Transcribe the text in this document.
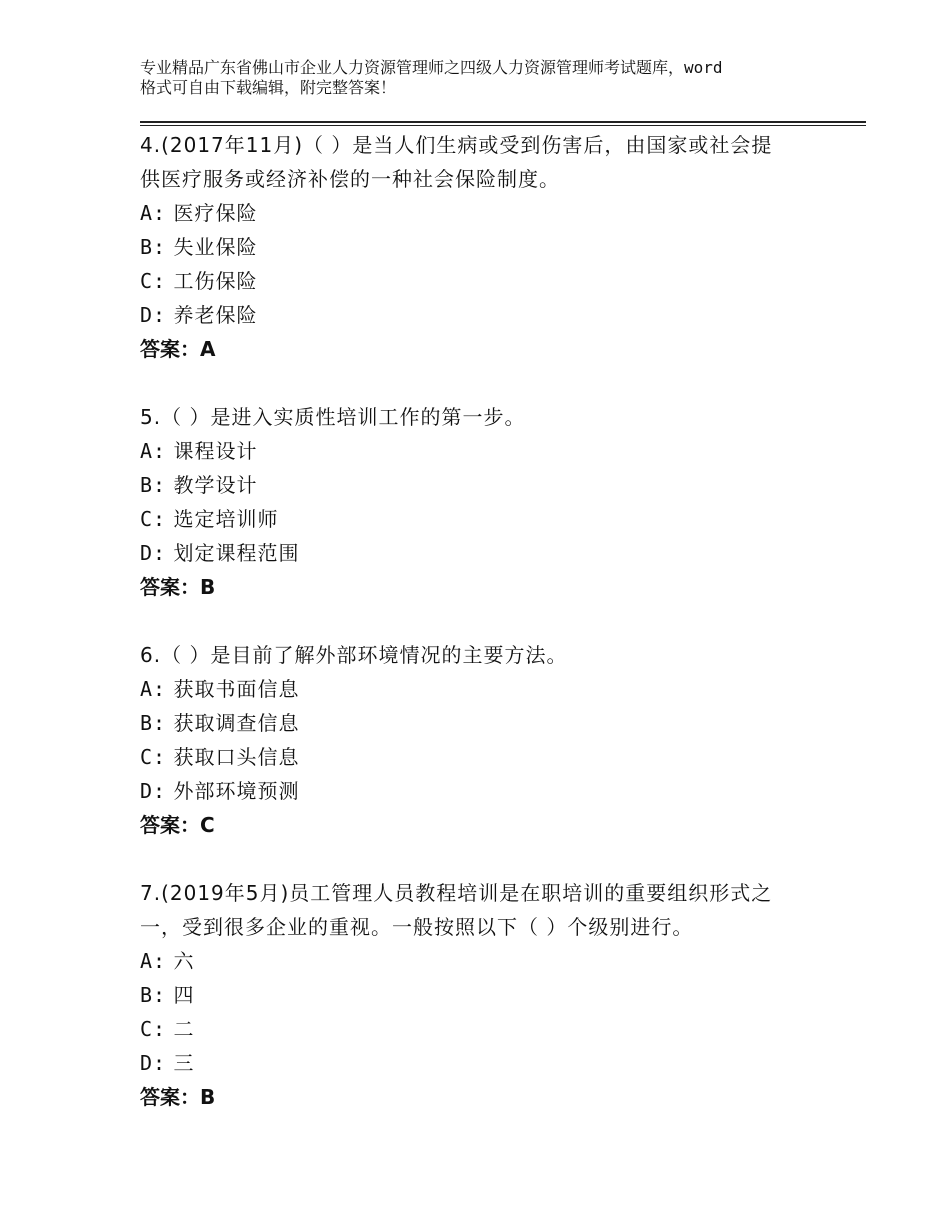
专业精品广东省佛山市企业人力资源管理师之四级人力资源管理师考试题库，word
格式可自由下载编辑，附完整答案！
4.(2017年11月)（ ）是当人们生病或受到伤害后，由国家或社会提
供医疗服务或经济补偿的一种社会保险制度。
A: 医疗保险
B: 失业保险
C: 工伤保险
D: 养老保险
答案：A
5.（ ）是进入实质性培训工作的第一步。
A: 课程设计
B: 教学设计
C: 选定培训师
D: 划定课程范围
答案：B
6.（ ）是目前了解外部环境情况的主要方法。
A: 获取书面信息
B: 获取调查信息
C: 获取口头信息
D: 外部环境预测
答案：C
7.(2019年5月)员工管理人员教程培训是在职培训的重要组织形式之
一，受到很多企业的重视。一般按照以下（ ）个级别进行。
A: 六
B: 四
C: 二
D: 三
答案：B
